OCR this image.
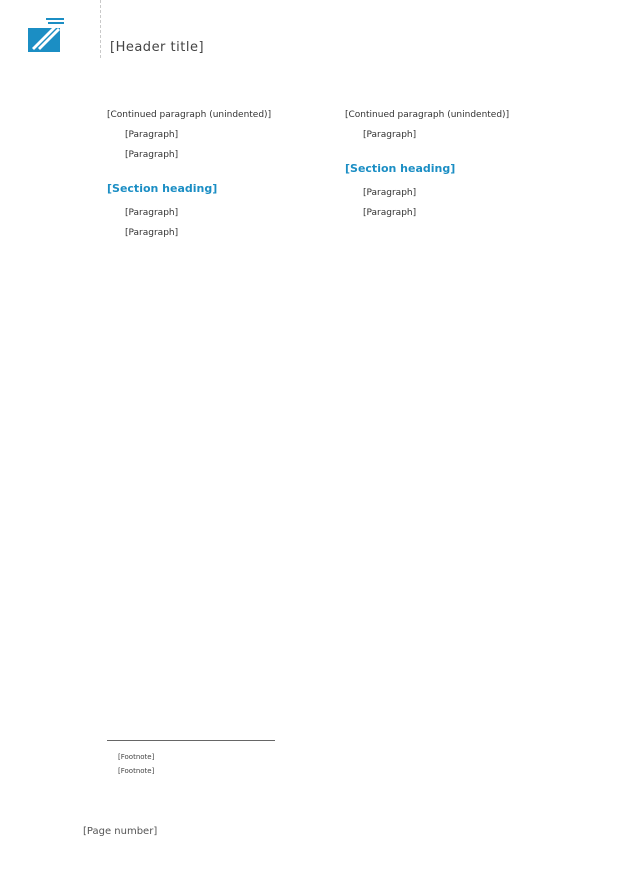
[Header title]

[Continued paragraph (unindented)]

[Paragraph]

[Paragraph]

[Section heading]

[Paragraph]

[Paragraph]

[Continued paragraph (unindented)]

[Paragraph]

[Section heading]

[Paragraph]

[Paragraph]

[Footnote]

[Footnote]

[Page number]
